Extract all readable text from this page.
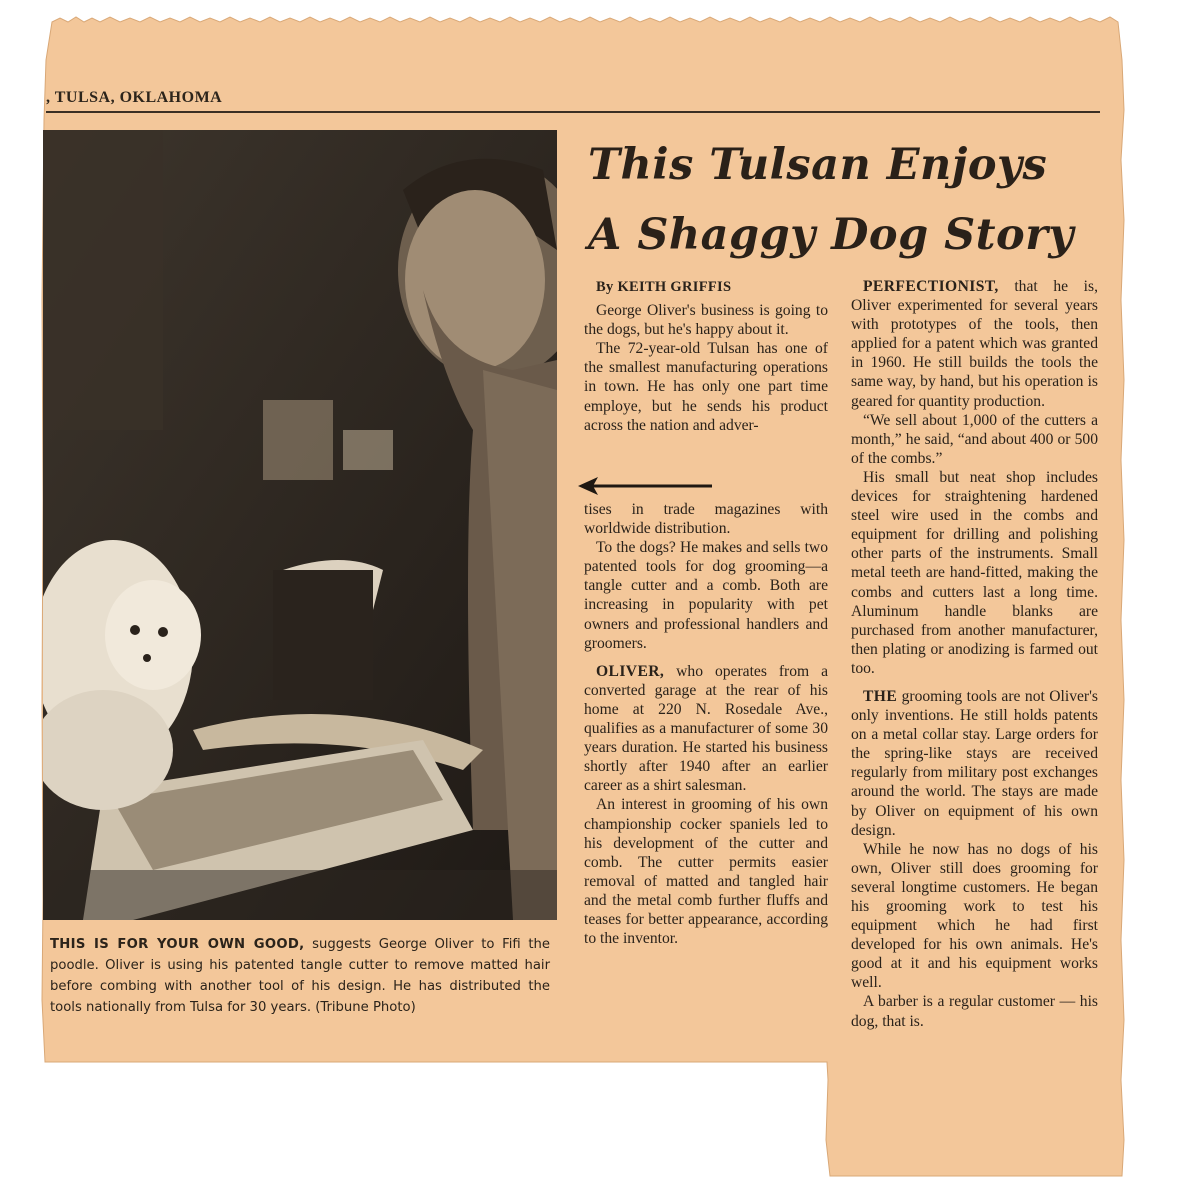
, TULSA, OKLAHOMA
THIS IS FOR YOUR OWN GOOD, suggests George Oliver to Fifi the poodle. Oliver is using his patented tangle cutter to remove matted hair before combing with another tool of his design. He has distributed the tools nationally from Tulsa for 30 years. (Tribune Photo)
This Tulsan Enjoys
A Shaggy Dog Story
By KEITH GRIFFIS

George Oliver's business is going to the dogs, but he's happy about it.

The 72-year-old Tulsan has one of the smallest manufacturing operations in town. He has only one part time employe, but he sends his product across the nation and adver-

tises in trade magazines with worldwide distribution.

To the dogs? He makes and sells two patented tools for dog grooming—a tangle cutter and a comb. Both are increasing in popularity with pet owners and professional handlers and groomers.

OLIVER, who operates from a converted garage at the rear of his home at 220 N. Rosedale Ave., qualifies as a manufacturer of some 30 years duration. He started his business shortly after 1940 after an earlier career as a shirt salesman.

An interest in grooming of his own championship cocker spaniels led to his development of the cutter and comb. The cutter permits easier removal of matted and tangled hair and the metal comb further fluffs and teases for better appearance, according to the inventor.

PERFECTIONIST, that he is, Oliver experimented for several years with prototypes of the tools, then applied for a patent which was granted in 1960. He still builds the tools the same way, by hand, but his operation is geared for quantity production.

“We sell about 1,000 of the cutters a month,” he said, “and about 400 or 500 of the combs.”

His small but neat shop includes devices for straightening hardened steel wire used in the combs and equipment for drilling and polishing other parts of the instruments. Small metal teeth are hand-fitted, making the combs and cutters last a long time. Aluminum handle blanks are purchased from another manufacturer, then plating or anodizing is farmed out too.

THE grooming tools are not Oliver's only inventions. He still holds patents on a metal collar stay. Large orders for the spring-like stays are received regularly from military post exchanges around the world. The stays are made by Oliver on equipment of his own design.

While he now has no dogs of his own, Oliver still does grooming for several longtime customers. He began his grooming work to test his equipment which he had first developed for his own animals. He's good at it and his equipment works well.

A barber is a regular customer — his dog, that is.
